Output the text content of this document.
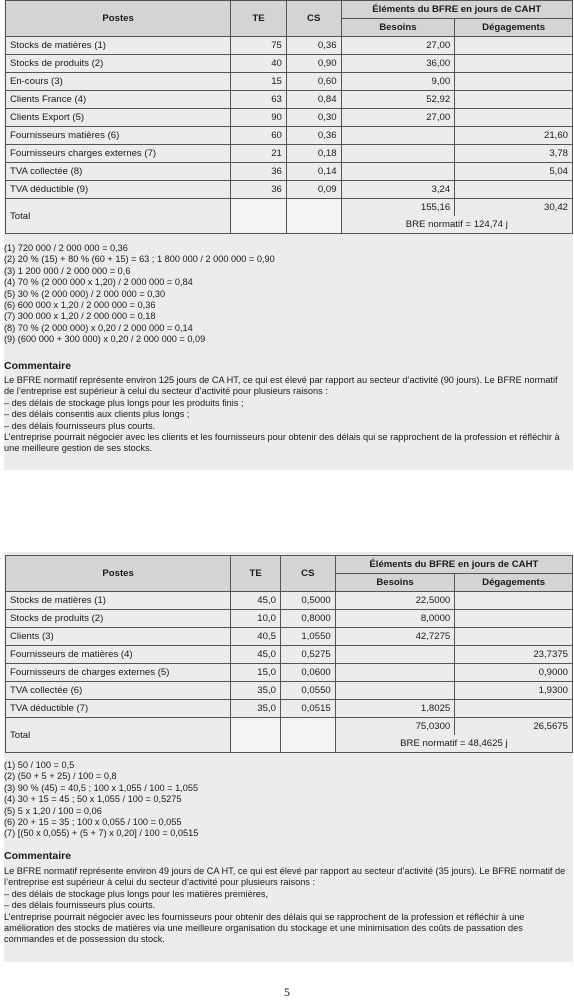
Postes	TE	CS	Éléments du BFRE en jours de CAHT	
			Besoins	Dégagements
Stocks de matières (1)	75	0,36	27,00	
Stocks de produits (2)	40	0,90	36,00	
En-cours (3)	15	0,60	9,00	
Clients France (4)	63	0,84	52,92	
Clients Export (5)	90	0,30	27,00	
Fournisseurs matières (6)	60	0,36		21,60
Fournisseurs charges externes (7)	21	0,18		3,78
TVA collectée (8)	36	0,14		5,04
TVA déductible (9)	36	0,09	3,24	
Total			155,16	30,42
			BRE normatif = 124,74 j	
(1) 720 000 / 2 000 000 = 0,36
(2) 20 % (15) + 80 % (60 + 15) = 63 ; 1 800 000 / 2 000 000 = 0,90
(3) 1 200 000 / 2 000 000 = 0,6
(4) 70 % (2 000 000 x 1,20) / 2 000 000 = 0,84
(5) 30 % (2 000 000) / 2 000 000 = 0,30
(6) 600 000 x 1,20 / 2 000 000 = 0,36
(7) 300 000 x 1,20 / 2 000 000 = 0,18
(8) 70 % (2 000 000) x 0,20 / 2 000 000 = 0,14
(9) (600 000 + 300 000) x 0,20 / 2 000 000 = 0,09
Commentaire

Le BFRE normatif représente environ 125 jours de CA HT, ce qui est élevé par rapport au secteur d’activité (90 jours). Le BFRE normatif de l’entreprise est supérieur à celui du secteur d’activité pour plusieurs raisons :

– des délais de stockage plus longs pour les produits finis ;

– des délais consentis aux clients plus longs ;

– des délais fournisseurs plus courts.

L’entreprise pourrait négocier avec les clients et les fournisseurs pour obtenir des délais qui se rapprochent de la profession et réfléchir à une meilleure gestion de ses stocks.

Postes	TE	CS	Éléments du BFRE en jours de CAHT	
			Besoins	Dégagements
Stocks de matières (1)	45,0	0,5000	22,5000	
Stocks de produits (2)	10,0	0,8000	8,0000	
Clients (3)	40,5	1,0550	42,7275	
Fournisseurs de matières (4)	45,0	0,5275		23,7375
Fournisseurs de charges externes (5)	15,0	0,0600		0,9000
TVA collectée (6)	35,0	0,0550		1,9300
TVA déductible (7)	35,0	0,0515	1,8025	
Total			75,0300	26,5675
			BRE normatif = 48,4625 j	
(1) 50 / 100 = 0,5
(2) (50 + 5 + 25) / 100 = 0,8
(3) 90 % (45) = 40,5 ; 100 x 1,055 / 100 = 1,055
(4) 30 + 15 = 45 ; 50 x 1,055 / 100 = 0,5275
(5) 5 x 1,20 / 100 = 0,06
(6) 20 + 15 = 35 ; 100 x 0,055 / 100 = 0,055
(7) [(50 x 0,055) + (5 + 7) x 0,20] / 100 = 0,0515
Commentaire

Le BFRE normatif représente environ 49 jours de CA HT, ce qui est élevé par rapport au secteur d’activité (35 jours). Le BFRE normatif de l’entreprise est supérieur à celui du secteur d’activité pour plusieurs raisons :

– des délais de stockage plus longs pour les matières premières,

– des délais fournisseurs plus courts.

L’entreprise pourrait négocier avec les fournisseurs pour obtenir des délais qui se rapprochent de la profession et réfléchir à une amélioration des stocks de matières via une meilleure organisation du stockage et une minimisation des coûts de passation des commandes et de possession du stock.

5
